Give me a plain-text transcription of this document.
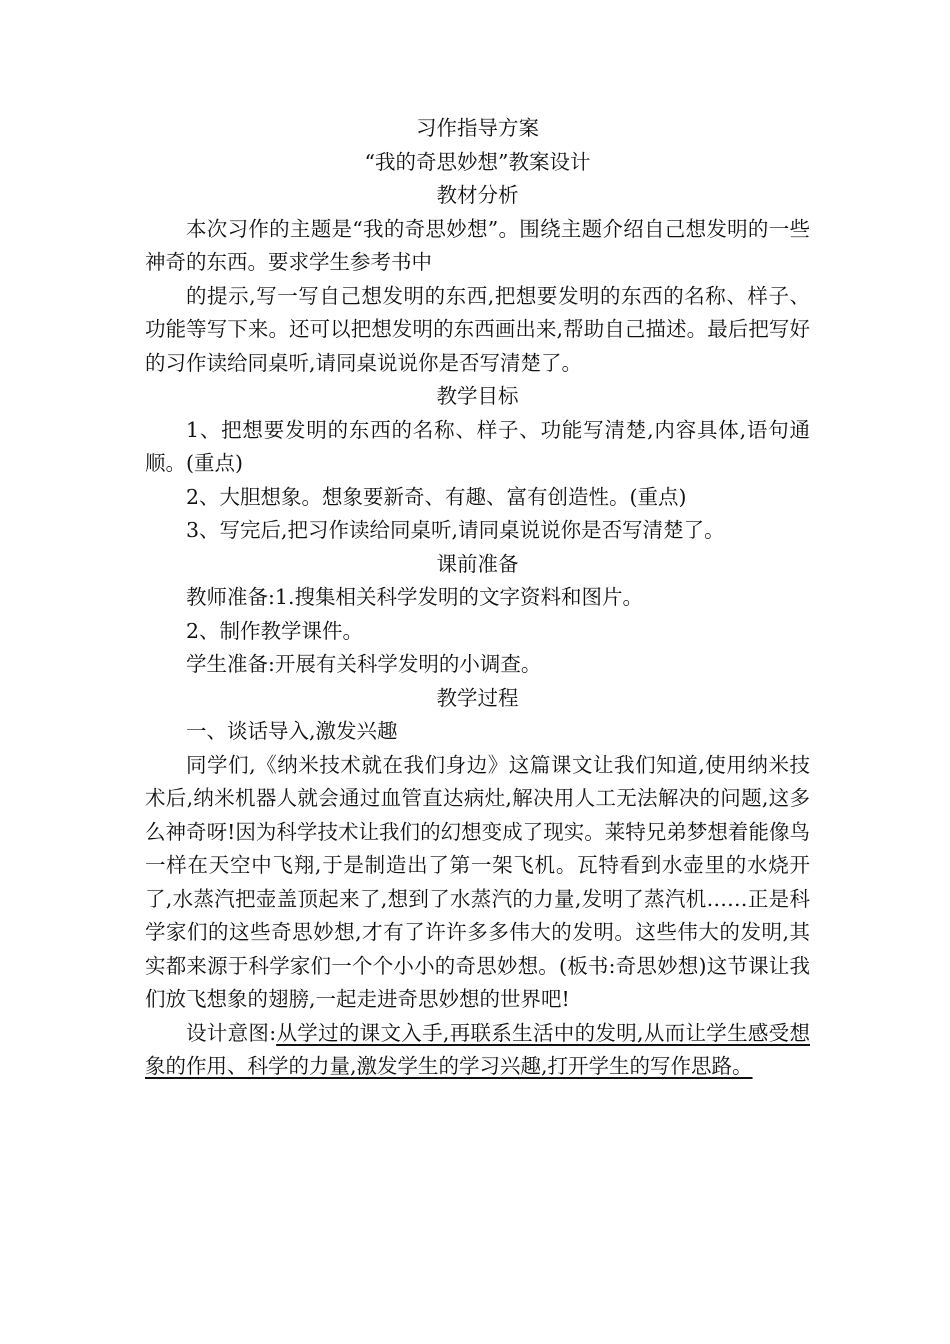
习作指导方案
“我的奇思妙想”教案设计
教材分析
本次习作的主题是“我的奇思妙想”。围绕主题介绍自己想发明的一些神奇的东西。要求学生参考书中
的提示,写一写自己想发明的东西,把想要发明的东西的名称、样子、功能等写下来。还可以把想发明的东西画出来,帮助自己描述。最后把写好的习作读给同桌听,请同桌说说你是否写清楚了。
教学目标
1、把想要发明的东西的名称、样子、功能写清楚,内容具体,语句通顺。(重点)
2、大胆想象。想象要新奇、有趣、富有创造性。(重点)
3、写完后,把习作读给同桌听,请同桌说说你是否写清楚了。
课前准备
教师准备:1.搜集相关科学发明的文字资料和图片。
2、制作教学课件。
学生准备:开展有关科学发明的小调查。
教学过程
一、谈话导入,激发兴趣
同学们,《纳米技术就在我们身边》这篇课文让我们知道,使用纳米技术后,纳米机器人就会通过血管直达病灶,解决用人工无法解决的问题,这多么神奇呀!因为科学技术让我们的幻想变成了现实。莱特兄弟梦想着能像鸟一样在天空中飞翔,于是制造出了第一架飞机。瓦特看到水壶里的水烧开了,水蒸汽把壶盖顶起来了,想到了水蒸汽的力量,发明了蒸汽机……正是科学家们的这些奇思妙想,才有了许许多多伟大的发明。这些伟大的发明,其实都来源于科学家们一个个小小的奇思妙想。(板书:奇思妙想)这节课让我们放飞想象的翅膀,一起走进奇思妙想的世界吧!
设计意图:从学过的课文入手,再联系生活中的发明,从而让学生感受想象的作用、科学的力量,激发学生的学习兴趣,打开学生的写作思路。
